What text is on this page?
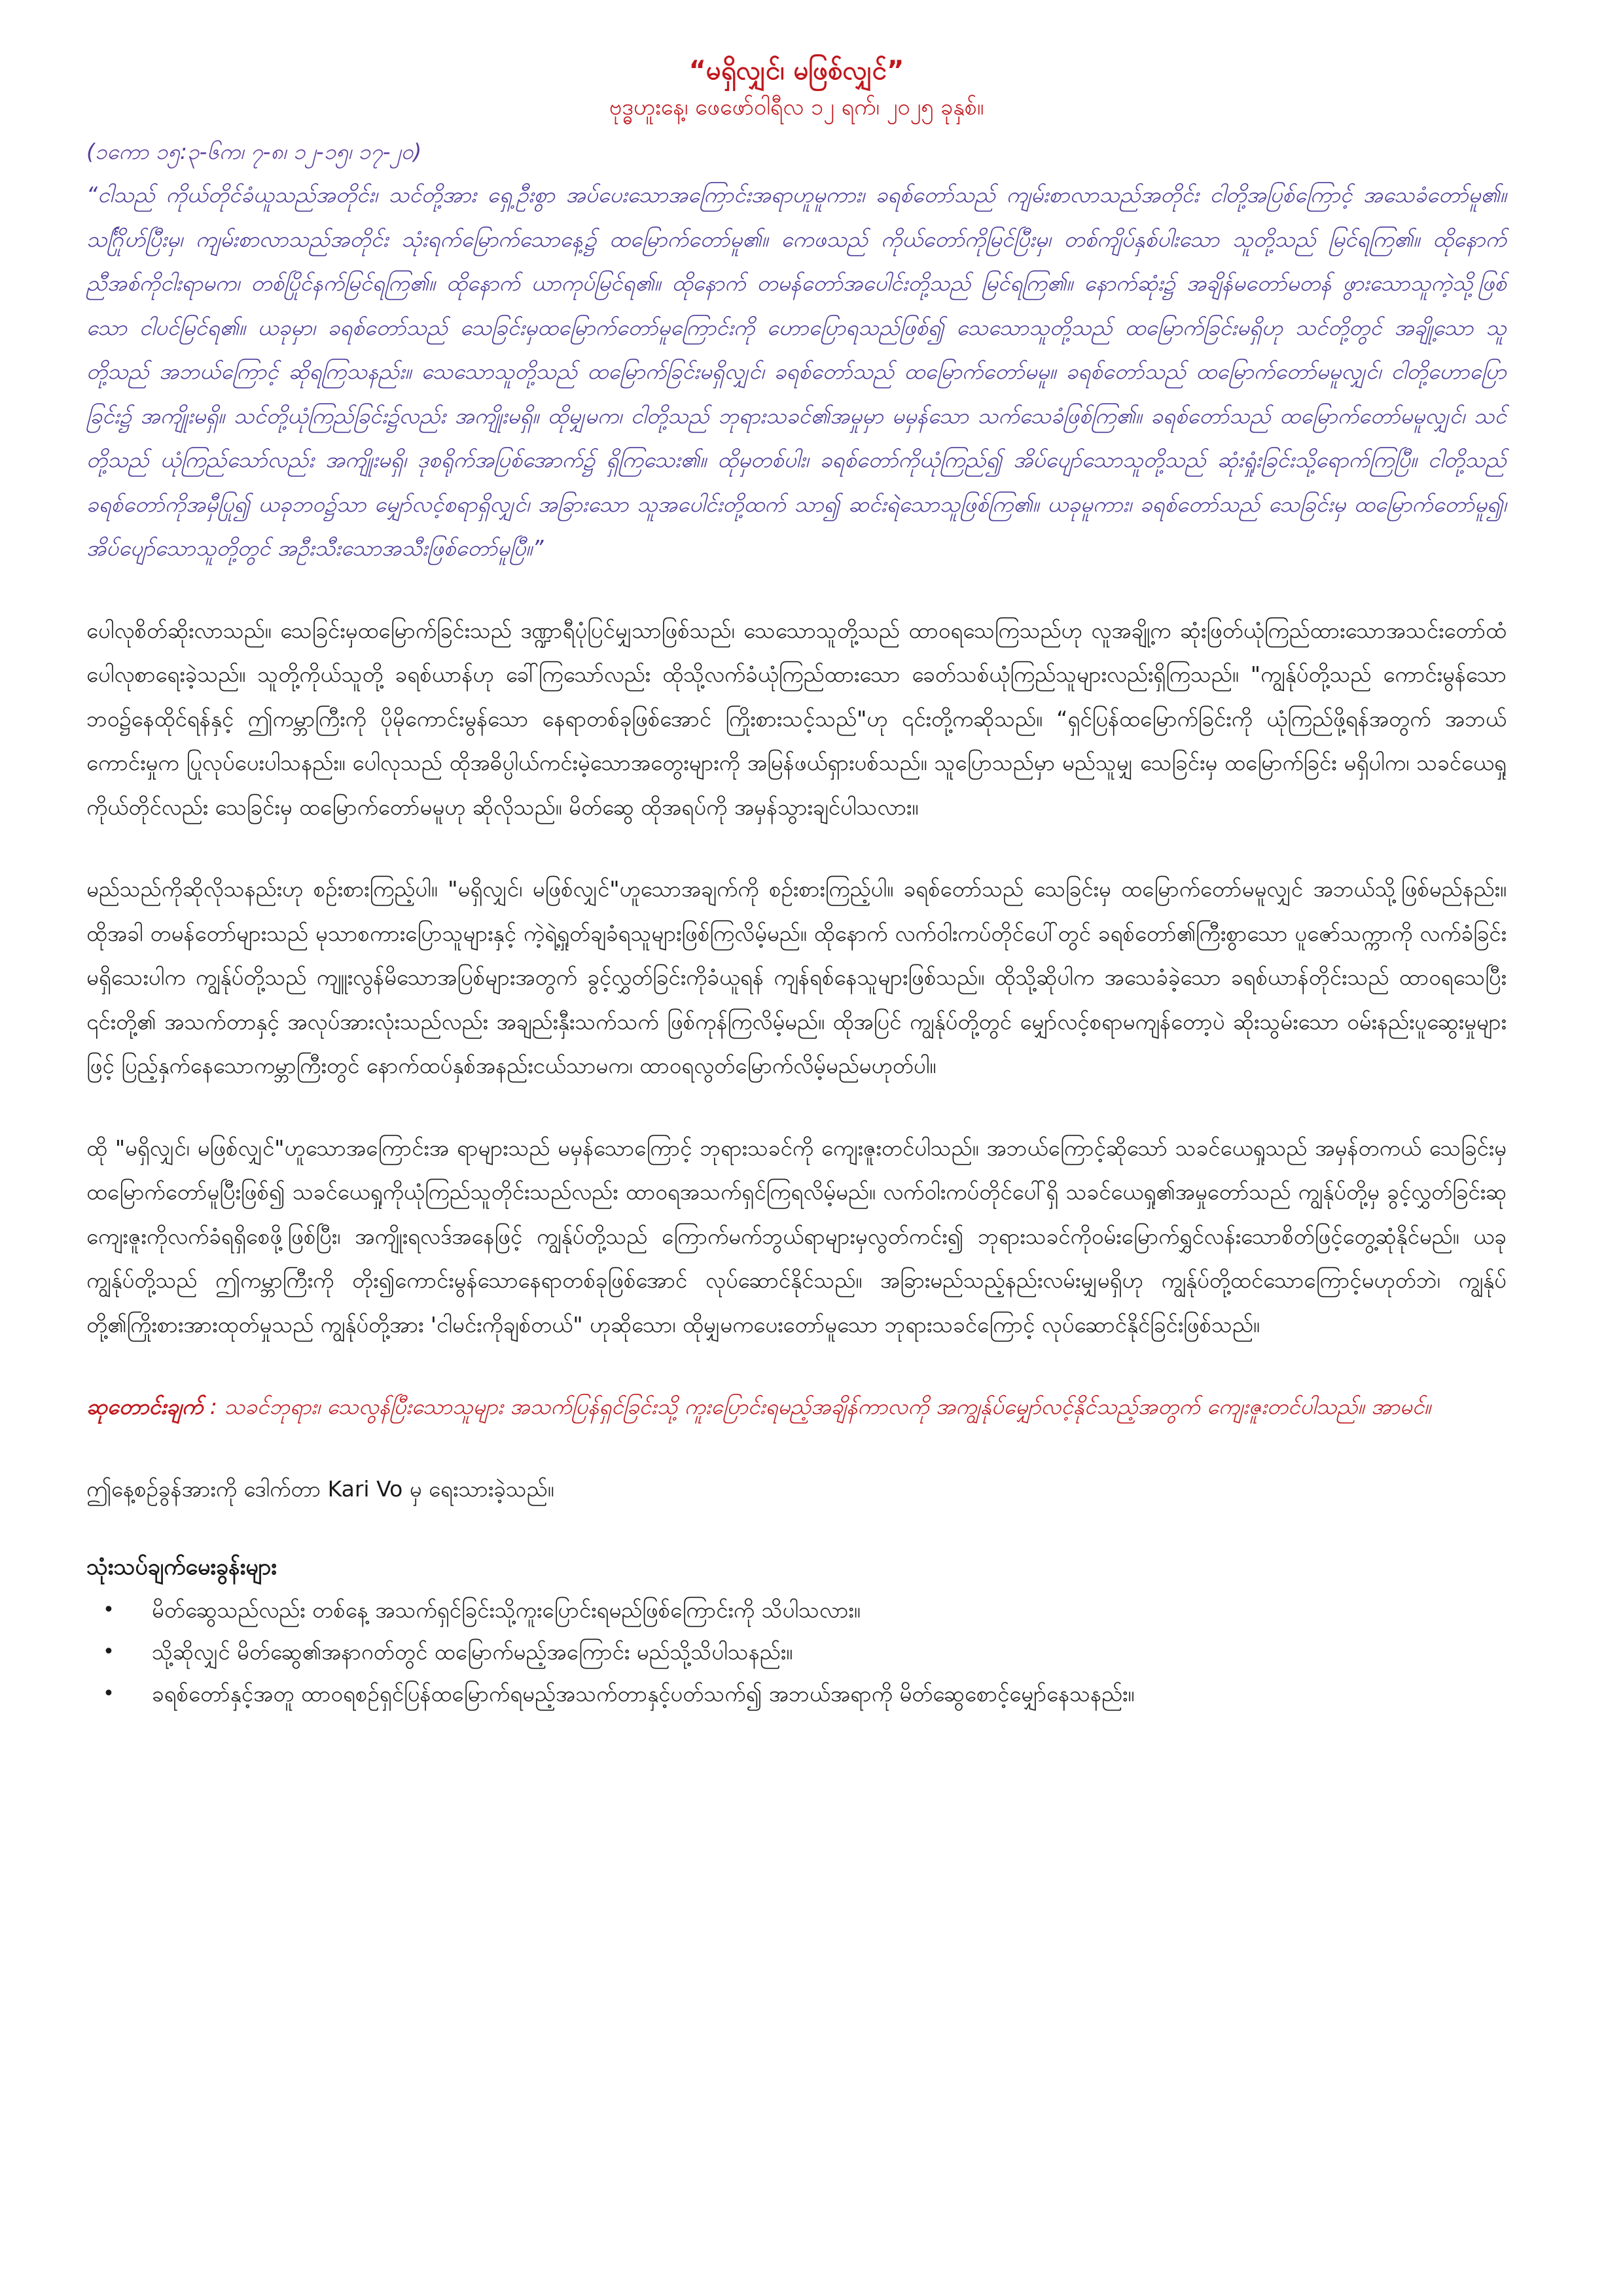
“မရှိလျှင်၊ မဖြစ်လျှင်”
ဗုဒ္ဓဟူးနေ့၊ ဖေဖော်ဝါရီလ ၁၂ ရက်၊ ၂၀၂၅ ခုနှစ်။
(၁ကော ၁၅:၃-၆က၊ ၇-၈၊ ၁၂-၁၅၊ ၁၇-၂၀)

“ငါသည် ကိုယ်တိုင်ခံယူသည်အတိုင်း၊ သင်တို့အား ရှေ့ဦးစွာ အပ်ပေးသောအကြောင်းအရာဟူမူကား၊ ခရစ်တော်သည် ကျမ်းစာလာသည်အတိုင်း ငါတို့အပြစ်ကြောင့် အသေခံတော်မူ၏။ သင်္ဂြိုဟ်ပြီးမှ၊ ကျမ်းစာလာသည်အတိုင်း သုံးရက်မြောက်သောနေ့၌ ထမြောက်တော်မူ၏။ ကေဖသည် ကိုယ်တော်ကိုမြင်ပြီးမှ၊ တစ်ကျိပ်နှစ်ပါးသော သူတို့သည် မြင်ရကြ၏။ ထိုနောက် ညီအစ်ကိုငါးရာမက၊ တစ်ပြိုင်နက်မြင်ရကြ၏။ ထိုနောက် ယာကုပ်မြင်ရ၏။ ထိုနောက် တမန်တော်အပေါင်းတို့သည် မြင်ရကြ၏။ နောက်ဆုံး၌ အချိန်မတော်မတန် ဖွားသောသူကဲ့သို့ဖြစ်သော ငါပင်မြင်ရ၏။ ယခုမှာ၊ ခရစ်တော်သည် သေခြင်းမှထမြောက်တော်မူကြောင်းကို ဟောပြောရသည်ဖြစ်၍ သေသောသူတို့သည် ထမြောက်ခြင်းမရှိဟု သင်တို့တွင် အချို့သော သူတို့သည် အဘယ်ကြောင့် ဆိုရကြသနည်း။ သေသောသူတို့သည် ထမြောက်ခြင်းမရှိလျှင်၊ ခရစ်တော်သည် ထမြောက်တော်မမူ။ ခရစ်တော်သည် ထမြောက်တော်မမူလျှင်၊ ငါတို့ဟောပြောခြင်း၌ အကျိုးမရှိ။ သင်တို့ယုံကြည်ခြင်း၌လည်း အကျိုးမရှိ။ ထိုမျှမက၊ ငါတို့သည် ဘုရားသခင်၏အမှုမှာ မမှန်သော သက်သေခံဖြစ်ကြ၏။ ခရစ်တော်သည် ထမြောက်တော်မမူလျှင်၊ သင်တို့သည် ယုံကြည်သော်လည်း အကျိုးမရှိ၊ ဒုစရိုက်အပြစ်အောက်၌ ရှိကြသေး၏။ ထိုမှတစ်ပါး၊ ခရစ်တော်ကိုယုံကြည်၍ အိပ်ပျော်သောသူတို့သည် ဆုံးရှုံးခြင်းသို့ရောက်ကြပြီ။ ငါတို့သည် ခရစ်တော်ကိုအမှီပြု၍ ယခုဘဝ၌သာ မျှော်လင့်စရာရှိလျှင်၊ အခြားသော သူအပေါင်းတို့ထက် သာ၍ ဆင်းရဲသောသူဖြစ်ကြ၏။ ယခုမူကား၊ ခရစ်တော်သည် သေခြင်းမှ ထမြောက်တော်မူ၍၊ အိပ်ပျော်သောသူတို့တွင် အဦးသီးသောအသီးဖြစ်တော်မူပြီ။”

ပေါလုစိတ်ဆိုးလာသည်။ သေခြင်းမှထမြောက်ခြင်းသည် ဒဏ္ဍာရီပုံပြင်မျှသာဖြစ်သည်၊ သေသောသူတို့သည် ထာဝရသေကြသည်ဟု လူအချို့က ဆုံးဖြတ်ယုံကြည်ထားသောအသင်းတော်ထံ ပေါလုစာရေးခဲ့သည်။ သူတို့ကိုယ်သူတို့ ခရစ်ယာန်ဟု ခေါ်ကြသော်လည်း ထိုသို့လက်ခံယုံကြည်ထားသော ခေတ်သစ်ယုံကြည်သူများလည်းရှိကြသည်။ "ကျွန်ုပ်တို့သည် ကောင်းမွန်သောဘဝ၌နေထိုင်ရန်နှင့် ဤကမ္ဘာကြီးကို ပိုမိုကောင်းမွန်သော နေရာတစ်ခုဖြစ်အောင် ကြိုးစားသင့်သည်"ဟု ၎င်းတို့ကဆိုသည်။ “ရှင်ပြန်ထမြောက်ခြင်းကို ယုံကြည်ဖို့ရန်အတွက် အဘယ်ကောင်းမှုက ပြုလုပ်ပေးပါသနည်း။ ပေါလုသည် ထိုအဓိပ္ပါယ်ကင်းမဲ့သောအတွေးများကို အမြန်ဖယ်ရှားပစ်သည်။ သူပြောသည်မှာ မည်သူမျှ သေခြင်းမှ ထမြောက်ခြင်း မရှိပါက၊ သခင်ယေရှုကိုယ်တိုင်လည်း သေခြင်းမှ ထမြောက်တော်မမူဟု ဆိုလိုသည်။ မိတ်ဆွေ ထိုအရပ်ကို အမှန်သွားချင်ပါသလား။

မည်သည်ကိုဆိုလိုသနည်းဟု စဉ်းစားကြည့်ပါ။ "မရှိလျှင်၊ မဖြစ်လျှင်"ဟူသောအချက်ကို စဉ်းစားကြည့်ပါ။ ခရစ်တော်သည် သေခြင်းမှ ထမြောက်တော်မမူလျှင် အဘယ်သို့ဖြစ်မည်နည်း။ ထိုအခါ တမန်တော်များသည် မုသာစကားပြောသူများနှင့် ကဲ့ရဲ့ရှုတ်ချခံရသူများဖြစ်ကြလိမ့်မည်။ ထိုနောက် လက်ဝါးကပ်တိုင်ပေါ်တွင် ခရစ်တော်၏ကြီးစွာသော ပူဇော်သက္ကာကို လက်ခံခြင်း မရှိသေးပါက ကျွန်ုပ်တို့သည် ကျူးလွန်မိသောအပြစ်များအတွက် ခွင့်လွှတ်ခြင်းကိုခံယူရန် ကျန်ရစ်နေသူများဖြစ်သည်။ ထိုသို့ဆိုပါက အသေခံခဲ့သော ခရစ်ယာန်တိုင်းသည် ထာဝရသေပြီး ၎င်းတို့၏ အသက်တာနှင့် အလုပ်အားလုံးသည်လည်း အချည်းနှီးသက်သက် ဖြစ်ကုန်ကြလိမ့်မည်။ ထိုအပြင် ကျွန်ုပ်တို့တွင် မျှော်လင့်စရာမကျန်တော့ပဲ ဆိုးသွမ်းသော ဝမ်းနည်းပူဆွေးမှုများဖြင့် ပြည့်နှက်နေသောကမ္ဘာကြီးတွင် နောက်ထပ်နှစ်အနည်းငယ်သာမက၊ ထာဝရလွတ်မြောက်လိမ့်မည်မဟုတ်ပါ။

ထို "မရှိလျှင်၊ မဖြစ်လျှင်"ဟူသောအကြောင်းအ ရာများသည် မမှန်သောကြောင့် ဘုရားသခင်ကို ကျေးဇူးတင်ပါသည်။ အဘယ်ကြောင့်ဆိုသော် သခင်ယေရှုသည် အမှန်တကယ် သေခြင်းမှထမြောက်တော်မူပြီးဖြစ်၍ သခင်ယေရှုကိုယုံကြည်သူတိုင်းသည်လည်း ထာဝရအသက်ရှင်ကြရလိမ့်မည်။ လက်ဝါးကပ်တိုင်ပေါ်ရှိ သခင်ယေရှု၏အမှုတော်သည် ကျွန်ုပ်တို့မှ ခွင့်လွှတ်ခြင်းဆုကျေးဇူးကိုလက်ခံရရှိစေဖို့ဖြစ်ပြီး၊ အကျိုးရလဒ်အနေဖြင့် ကျွန်ုပ်တို့သည် ကြောက်မက်ဘွယ်ရာများမှလွတ်ကင်း၍ ဘုရားသခင်ကိုဝမ်းမြောက်ရွှင်လန်းသောစိတ်ဖြင့်တွေ့ဆုံနိုင်မည်။ ယခု ကျွန်ုပ်တို့သည် ဤကမ္ဘာကြီးကို တိုး၍ကောင်းမွန်သောနေရာတစ်ခုဖြစ်အောင် လုပ်ဆောင်နိုင်သည်။ အခြားမည်သည့်နည်းလမ်းမျှမရှိဟု ကျွန်ုပ်တို့ထင်သောကြောင့်မဟုတ်ဘဲ၊ ကျွန်ုပ်တို့၏ကြိုးစားအားထုတ်မှုသည် ကျွန်ုပ်တို့အား 'ငါမင်းကိုချစ်တယ်" ဟုဆိုသော၊ ထိုမျှမကပေးတော်မူသော ဘုရားသခင်ကြောင့် လုပ်ဆောင်နိုင်ခြင်းဖြစ်သည်။

ဆုတောင်းချက် : သခင်ဘုရား၊ သေလွန်ပြီးသောသူများ အသက်ပြန်ရှင်ခြင်းသို့ ကူးပြောင်းရမည့်အချိန်ကာလကို အကျွန်ုပ်မျှော်လင့်နိုင်သည့်အတွက် ကျေးဇူးတင်ပါသည်။ အာမင်။

ဤနေ့စဉ်ခွန်အားကို ဒေါက်တာ Kari Vo မှ ရေးသားခဲ့သည်။

သုံးသပ်ချက်မေးခွန်းများ
•	မိတ်ဆွေသည်လည်း တစ်နေ့ အသက်ရှင်ခြင်းသို့ကူးပြောင်းရမည်ဖြစ်ကြောင်းကို သိပါသလား။
•	သို့ဆိုလျှင် မိတ်ဆွေ၏အနာဂတ်တွင် ထမြောက်မည့်အကြောင်း မည်သို့သိပါသနည်း။
•	ခရစ်တော်နှင့်အတူ ထာဝရစဉ်ရှင်ပြန်ထမြောက်ရမည့်အသက်တာနှင့်ပတ်သက်၍ အဘယ်အရာကို မိတ်ဆွေစောင့်မျှော်နေသနည်း။
